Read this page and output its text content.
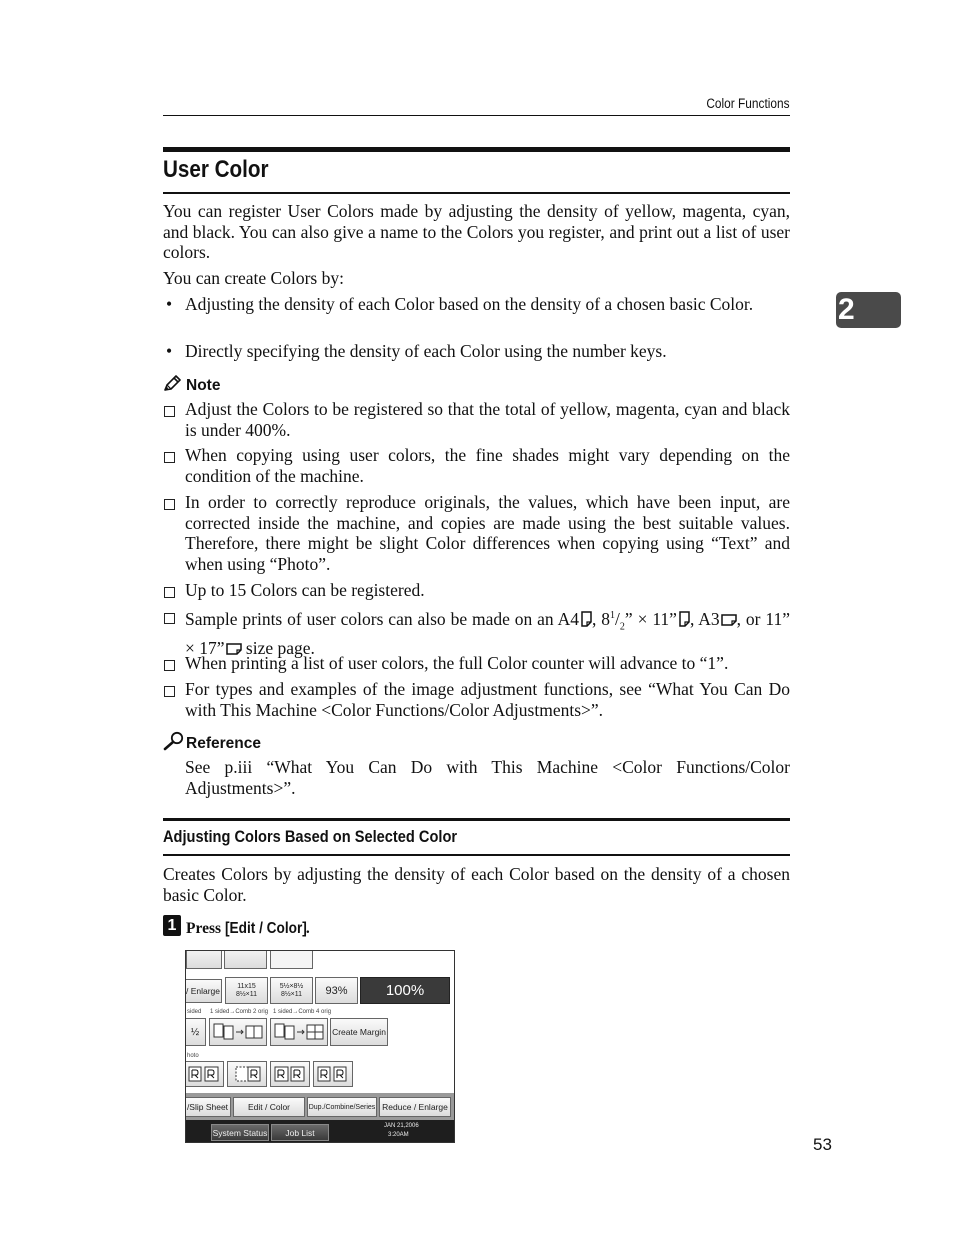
Color Functions
2
User Color
You can register User Colors made by adjusting the density of yellow, magenta, cyan, and black. You can also give a name to the Colors you register, and print out a list of user colors.
You can create Colors by:
• Adjusting the density of each Color based on the density of a chosen basic Color.
• Directly specifying the density of each Color using the number keys.
Note
Adjust the Colors to be registered so that the total of yellow, magenta, cyan and black is under 400%.
When copying using user colors, the fine shades might vary depending on the condition of the machine.
In order to correctly reproduce originals, the values, which have been input, are corrected inside the machine, and copies are made using the best suitable values. Therefore, there might be slight Color differences when copying using “Text” and when using “Photo”.
Up to 15 Colors can be registered.
Sample prints of user colors can also be made on an A4 , $8^1/_2$” × 11” , A3 , or 11” × 17” size page.
When printing a list of user colors, the full Color counter will advance to “1”.
For types and examples of the image adjustment functions, see “What You Can Do with This Machine <Color Functions/Color Adjustments>”.
Reference
See p.iii “What You Can Do with This Machine <Color Functions/Color Adjustments>”.
Adjusting Colors Based on Selected Color
Creates Colors by adjusting the density of each Color based on the density of a chosen basic Color.
1 Press [Edit / Color].
/ Enlarge 11x15
8½×11
5½×8½
8½×11 93%	100%
sided 1 sided→Comb 2 orig 1 sided→Comb 4 orig
½	Create Margin
hoto
/Slip Sheet Edit / Color	Dup./Combine/Series Reduce / Enlarge
System Status Job List
JAN 21,2006
3:20AM	53
